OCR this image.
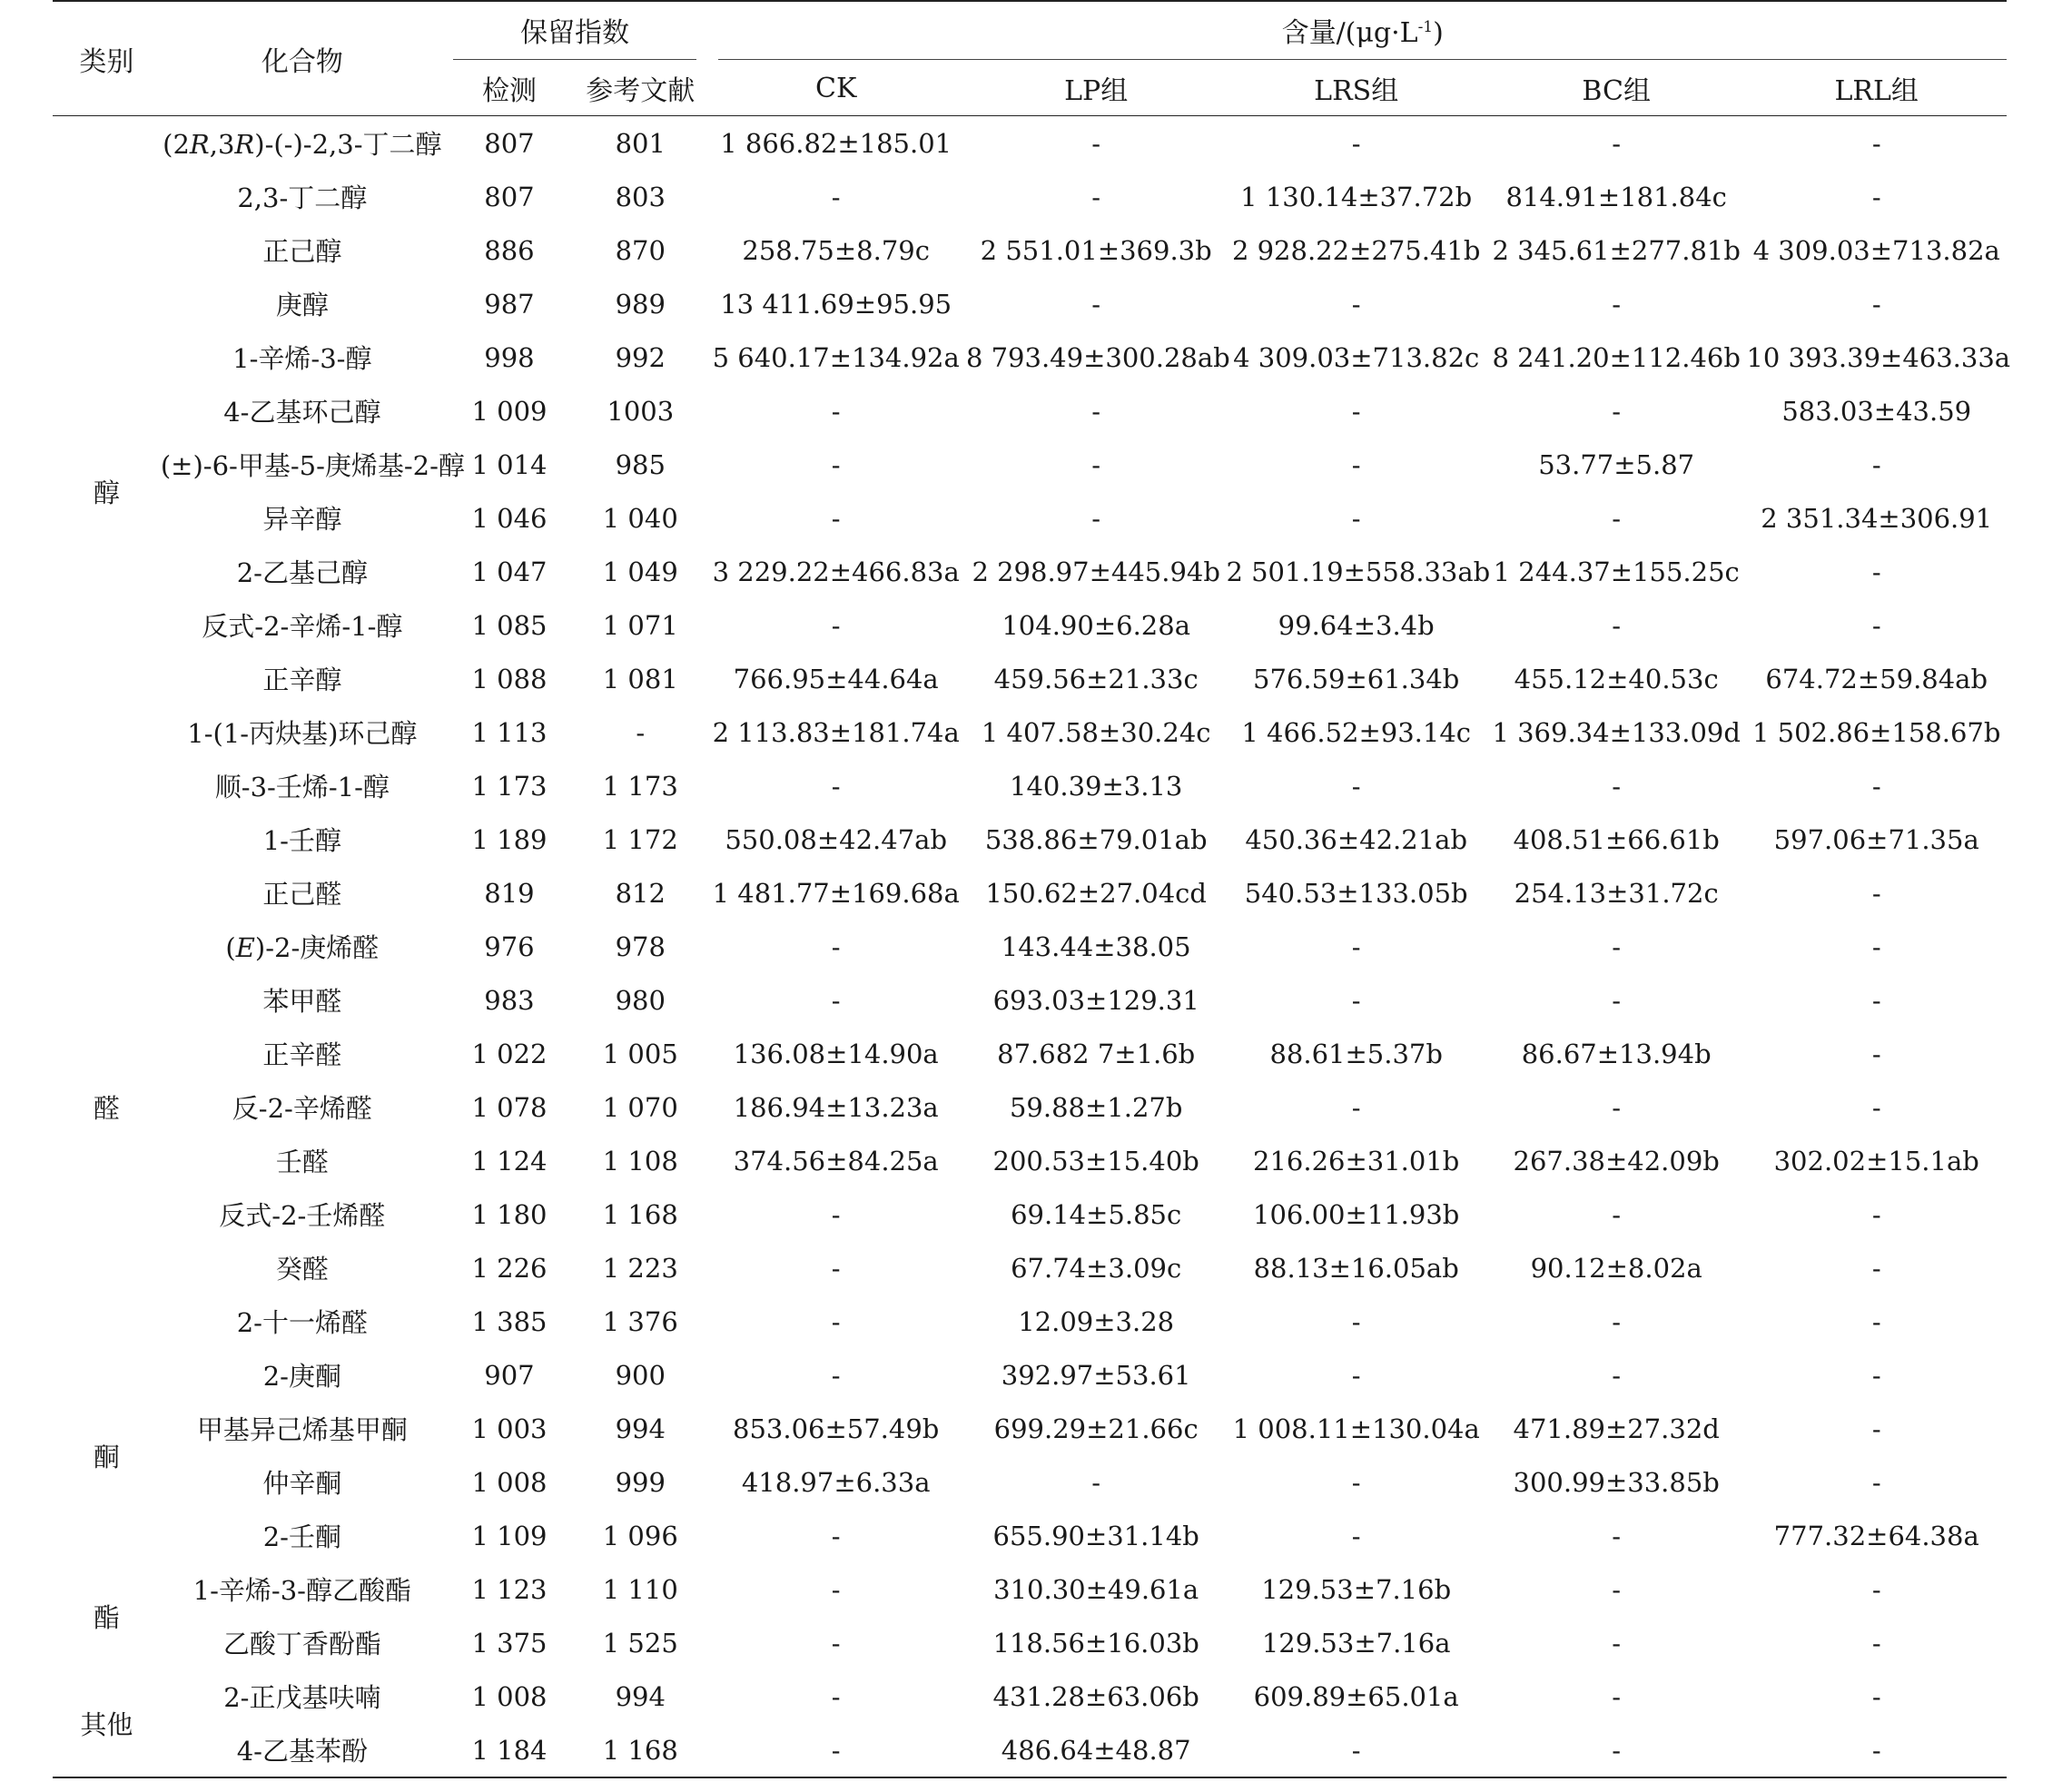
类别	化合物	保留指数		含量$/(\mu g\cdot L^{-1})$				

		检测	参考文献	CK	LP组	LRS组	BC组	LRL组
醇	(2R,3R)-(-)-2,3-丁二醇	807	801	1 866.82±185.01	-	-	-	-
	2,3-丁二醇	807	803	-	-	1 130.14±37.72b	814.91±181.84c	-
	正己醇	886	870	258.75±8.79c	2 551.01±369.3b	2 928.22±275.41b	2 345.61±277.81b	4 309.03±713.82a
	庚醇	987	989	13 411.69±95.95	-	-	-	-
	1-辛烯-3-醇	998	992	5 640.17±134.92a	8 793.49±300.28ab	4 309.03±713.82c	8 241.20±112.46b	10 393.39±463.33a
	4-乙基环己醇	1 009	1003	-	-	-	-	583.03±43.59
	(±)-6-甲基-5-庚烯基-2-醇	1 014	985	-	-	-	53.77±5.87	-
	异辛醇	1 046	1 040	-	-	-	-	2 351.34±306.91
	2-乙基己醇	1 047	1 049	3 229.22±466.83a	2 298.97±445.94b	2 501.19±558.33ab	1 244.37±155.25c	-
	反式-2-辛烯-1-醇	1 085	1 071	-	104.90±6.28a	99.64±3.4b	-	-
	正辛醇	1 088	1 081	766.95±44.64a	459.56±21.33c	576.59±61.34b	455.12±40.53c	674.72±59.84ab
	1-(1-丙炔基)环己醇	1 113	-	2 113.83±181.74a	1 407.58±30.24c	1 466.52±93.14c	1 369.34±133.09d	1 502.86±158.67b
	顺-3-壬烯-1-醇	1 173	1 173	-	140.39±3.13	-	-	-
	1-壬醇	1 189	1 172	550.08±42.47ab	538.86±79.01ab	450.36±42.21ab	408.51±66.61b	597.06±71.35a
醛	正己醛	819	812	1 481.77±169.68a	150.62±27.04cd	540.53±133.05b	254.13±31.72c	-
	(E)-2-庚烯醛	976	978	-	143.44±38.05	-	-	-
	苯甲醛	983	980	-	693.03±129.31	-	-	-
	正辛醛	1 022	1 005	136.08±14.90a	87.682 7±1.6b	88.61±5.37b	86.67±13.94b	-
	反-2-辛烯醛	1 078	1 070	186.94±13.23a	59.88±1.27b	-	-	-
	壬醛	1 124	1 108	374.56±84.25a	200.53±15.40b	216.26±31.01b	267.38±42.09b	302.02±15.1ab
	反式-2-壬烯醛	1 180	1 168	-	69.14±5.85c	106.00±11.93b	-	-
	癸醛	1 226	1 223	-	67.74±3.09c	88.13±16.05ab	90.12±8.02a	-
	2-十一烯醛	1 385	1 376	-	12.09±3.28	-	-	-
酮	2-庚酮	907	900	-	392.97±53.61	-	-	-
	甲基异己烯基甲酮	1 003	994	853.06±57.49b	699.29±21.66c	1 008.11±130.04a	471.89±27.32d	-
	仲辛酮	1 008	999	418.97±6.33a	-	-	300.99±33.85b	-
	2-壬酮	1 109	1 096	-	655.90±31.14b	-	-	777.32±64.38a
酯	1-辛烯-3-醇乙酸酯	1 123	1 110	-	310.30±49.61a	129.53±7.16b	-	-
	乙酸丁香酚酯	1 375	1 525	-	118.56±16.03b	129.53±7.16a	-	-
其他	2-正戊基呋喃	1 008	994	-	431.28±63.06b	609.89±65.01a	-	-
	4-乙基苯酚	1 184	1 168	-	486.64±48.87	-	-	-
